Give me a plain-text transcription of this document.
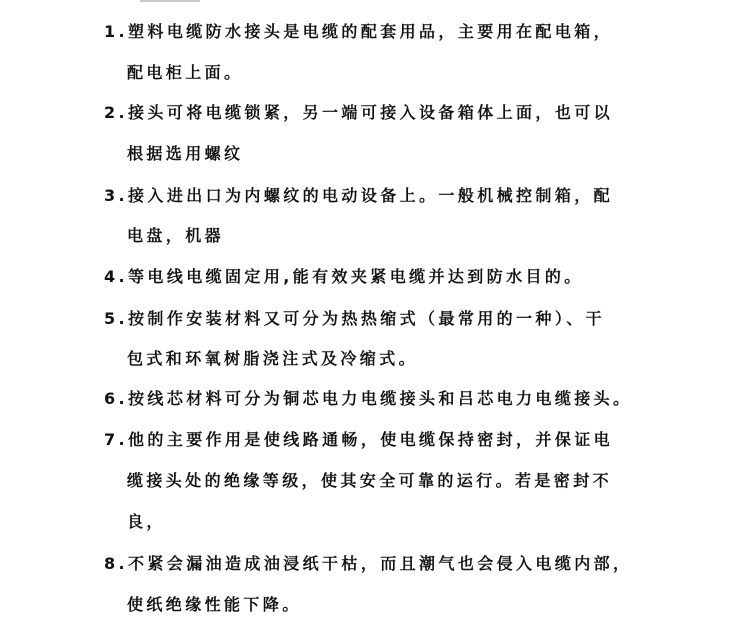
1.塑料电缆防水接头是电缆的配套用品，主要用在配电箱，
配电柜上面。
2.接头可将电缆锁紧，另一端可接入设备箱体上面，也可以
根据选用螺纹
3.接入进出口为内螺纹的电动设备上。一般机械控制箱，配
电盘，机器
4.等电线电缆固定用,能有效夹紧电缆并达到防水目的。
5.按制作安装材料又可分为热热缩式（最常用的一种）、干
包式和环氧树脂浇注式及冷缩式。
6.按线芯材料可分为铜芯电力电缆接头和吕芯电力电缆接头。
7.他的主要作用是使线路通畅，使电缆保持密封，并保证电
缆接头处的绝缘等级，使其安全可靠的运行。若是密封不
良，
8.不紧会漏油造成油浸纸干枯，而且潮气也会侵入电缆内部，
使纸绝缘性能下降。
